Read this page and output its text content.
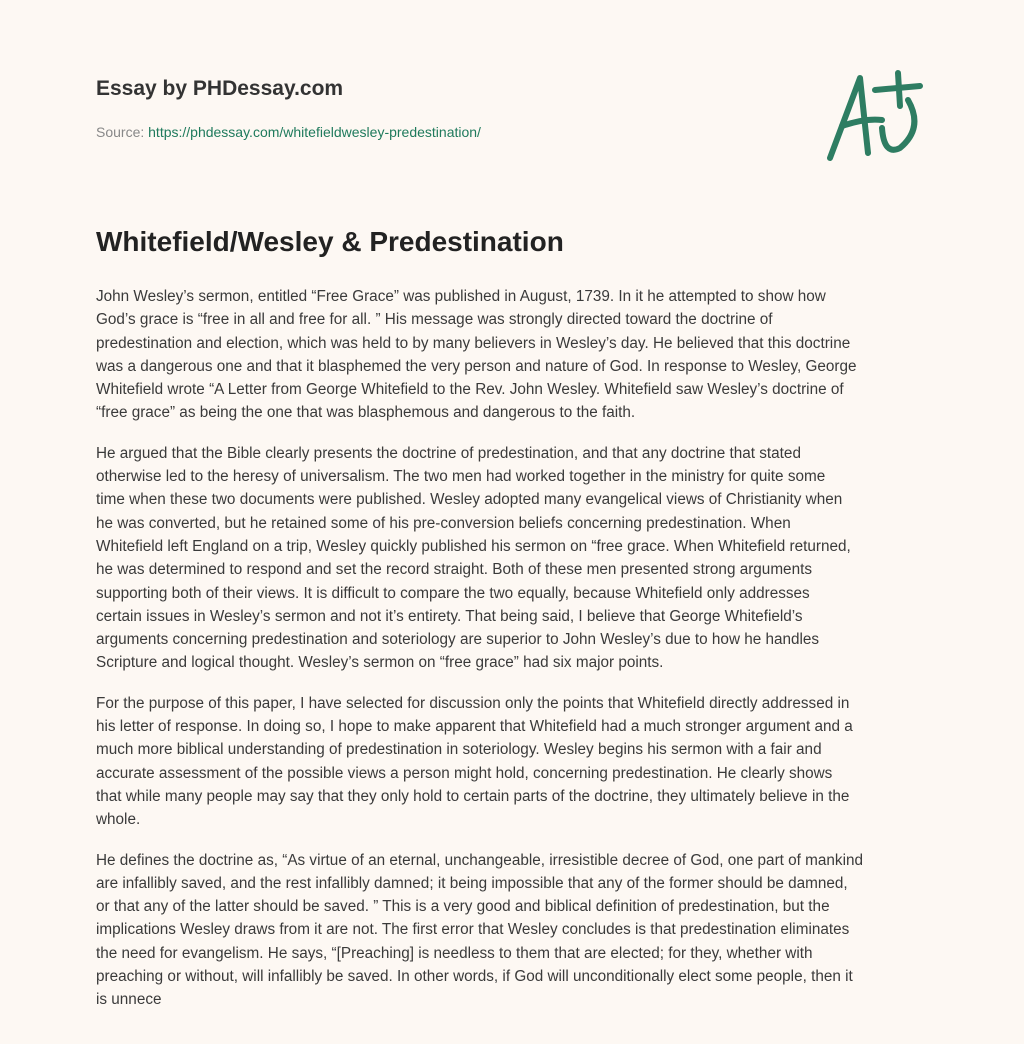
Essay by PHDessay.com
Source: https://phdessay.com/whitefieldwesley-predestination/
Whitefield/Wesley & Predestination

John Wesley’s sermon, entitled “Free Grace” was published in August, 1739. In it he attempted to show how
God’s grace is “free in all and free for all. ” His message was strongly directed toward the doctrine of
predestination and election, which was held to by many believers in Wesley’s day. He believed that this doctrine
was a dangerous one and that it blasphemed the very person and nature of God. In response to Wesley, George
Whitefield wrote “A Letter from George Whitefield to the Rev. John Wesley. Whitefield saw Wesley’s doctrine of
“free grace” as being the one that was blasphemous and dangerous to the faith.

He argued that the Bible clearly presents the doctrine of predestination, and that any doctrine that stated
otherwise led to the heresy of universalism. The two men had worked together in the ministry for quite some
time when these two documents were published. Wesley adopted many evangelical views of Christianity when
he was converted, but he retained some of his pre-conversion beliefs concerning predestination. When
Whitefield left England on a trip, Wesley quickly published his sermon on “free grace. When Whitefield returned,
he was determined to respond and set the record straight. Both of these men presented strong arguments
supporting both of their views. It is difficult to compare the two equally, because Whitefield only addresses
certain issues in Wesley’s sermon and not it’s entirety. That being said, I believe that George Whitefield’s
arguments concerning predestination and soteriology are superior to John Wesley’s due to how he handles
Scripture and logical thought. Wesley’s sermon on “free grace” had six major points.

For the purpose of this paper, I have selected for discussion only the points that Whitefield directly addressed in
his letter of response. In doing so, I hope to make apparent that Whitefield had a much stronger argument and a
much more biblical understanding of predestination in soteriology. Wesley begins his sermon with a fair and
accurate assessment of the possible views a person might hold, concerning predestination. He clearly shows
that while many people may say that they only hold to certain parts of the doctrine, they ultimately believe in the
whole.

He defines the doctrine as, “As virtue of an eternal, unchangeable, irresistible decree of God, one part of mankind
are infallibly saved, and the rest infallibly damned; it being impossible that any of the former should be damned,
or that any of the latter should be saved. ” This is a very good and biblical definition of predestination, but the
implications Wesley draws from it are not. The first error that Wesley concludes is that predestination eliminates
the need for evangelism. He says, “[Preaching] is needless to them that are elected; for they, whether with
preaching or without, will infallibly be saved. In other words, if God will unconditionally elect some people, then it
is unnece
